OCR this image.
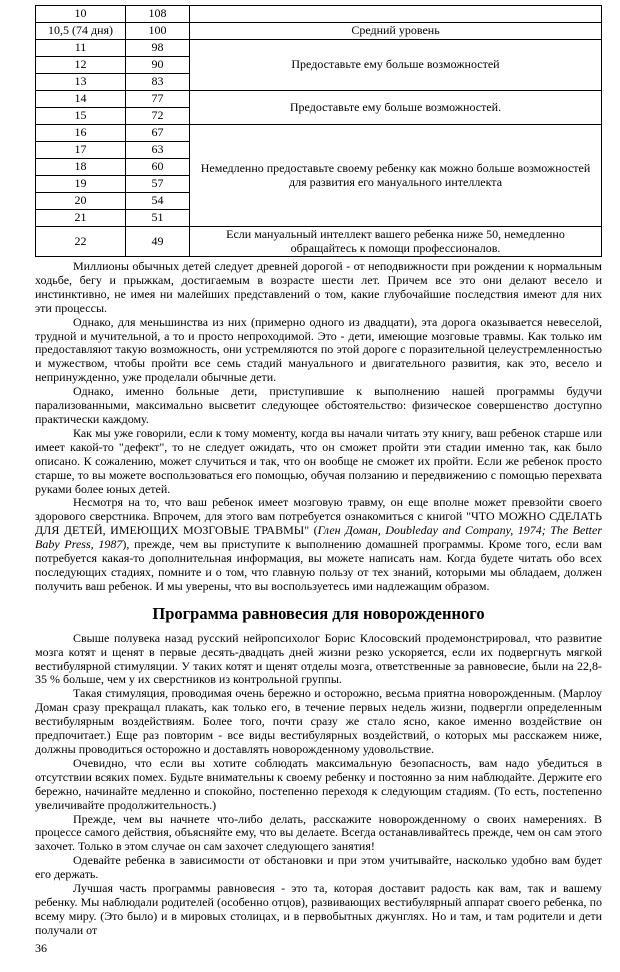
10	108	
10,5 (74 дня)	100	Средний уровень
11	98	Предоставьте ему больше возможностей
12	90	
13	83	
14	77	Предоставьте ему больше возможностей.
15	72	
16	67	Немедленно предоставьте своему ребенку как можно больше возможностей для развития его мануального интеллекта
17	63	
18	60	
19	57	
20	54	
21	51	
22	49	Если мануальный интеллект вашего ребенка ниже 50, немедленно обращайтесь к помощи профессионалов.

Миллионы обычных детей следует древней дорогой - от неподвижности при рождении к нормальным ходьбе, бегу и прыжкам, достигаемым в возрасте шести лет. Причем все это они делают весело и инстинктивно, не имея ни малейших представлений о том, какие глубочайшие последствия имеют для них эти процессы.

Однако, для меньшинства из них (примерно одного из двадцати), эта дорога оказывается невеселой, трудной и мучительной, а то и просто непроходимой. Это - дети, имеющие мозговые травмы. Как только им предоставляют такую возможность, они устремляются по этой дороге с поразительной целеустремленностью и мужеством, чтобы пройти все семь стадий мануального и двигательного развития, как это, весело и непринужденно, уже проделали обычные дети.

Однако, именно больные дети, приступившие к выполнению нашей программы будучи парализованными, максимально высветит следующее обстоятельство: физическое совершенство доступно практически каждому.

Как мы уже говорили, если к тому моменту, когда вы начали читать эту книгу, ваш ребенок старше или имеет какой-то "дефект", то не следует ожидать, что он сможет пройти эти стадии именно так, как было описано. К сожалению, может случиться и так, что он вообще не сможет их пройти. Если же ребенок просто старше, то вы можете воспользоваться его помощью, обучая ползанию и передвижению с помощью перехвата руками более юных детей.

Несмотря на то, что ваш ребенок имеет мозговую травму, он еще вполне может превзойти своего здорового сверстника. Впрочем, для этого вам потребуется ознакомиться с книгой "ЧТО МОЖНО СДЕЛАТЬ ДЛЯ ДЕТЕЙ, ИМЕЮЩИХ МОЗГОВЫЕ ТРАВМЫ" (Глен Доман, Doubleday and Company, 1974; The Better Baby Press, 1987), прежде, чем вы приступите к выполнению домашней программы. Кроме того, если вам потребуется какая-то дополнительная информация, вы можете написать нам. Когда будете читать обо всех последующих стадиях, помните и о том, что главную пользу от тех знаний, которыми мы обладаем, должен получить ваш ребенок. И мы уверены, что вы воспользуетесь ими надлежащим образом.

Программа равновесия для новорожденного

Свыше полувека назад русский нейропсихолог Борис Клосовский продемонстрировал, что развитие мозга котят и щенят в первые десять-двадцать дней жизни резко ускоряется, если их подвергнуть мягкой вестибулярной стимуляции. У таких котят и щенят отделы мозга, ответственные за равновесие, были на 22,8-35 % больше, чем у их сверстников из контрольной группы.

Такая стимуляция, проводимая очень бережно и осторожно, весьма приятна новорожденным. (Марлоу Доман сразу прекращал плакать, как только его, в течение первых недель жизни, подвергли определенным вестибулярным воздействиям. Более того, почти сразу же стало ясно, какое именно воздействие он предпочитает.) Еще раз повторим - все виды вестибулярных воздействий, о которых мы расскажем ниже, должны проводиться осторожно и доставлять новорожденному удовольствие.

Очевидно, что если вы хотите соблюдать максимальную безопасность, вам надо убедиться в отсутствии всяких помех. Будьте внимательны к своему ребенку и постоянно за ним наблюдайте. Держите его бережно, начинайте медленно и спокойно, постепенно переходя к следующим стадиям. (То есть, постепенно увеличивайте продолжительность.)

Прежде, чем вы начнете что-либо делать, расскажите новорожденному о своих намерениях. В процессе самого действия, объясняйте ему, что вы делаете. Всегда останавливайтесь прежде, чем он сам этого захочет. Только в этом случае он сам захочет следующего занятия!

Одевайте ребенка в зависимости от обстановки и при этом учитывайте, насколько удобно вам будет его держать.

Лучшая часть программы равновесия - это та, которая доставит радость как вам, так и вашему ребенку. Мы наблюдали родителей (особенно отцов), развивающих вестибулярный аппарат своего ребенка, по всему миру. (Это было) и в мировых столицах, и в первобытных джунглях. Но и там, и там родители и дети получали от

36
